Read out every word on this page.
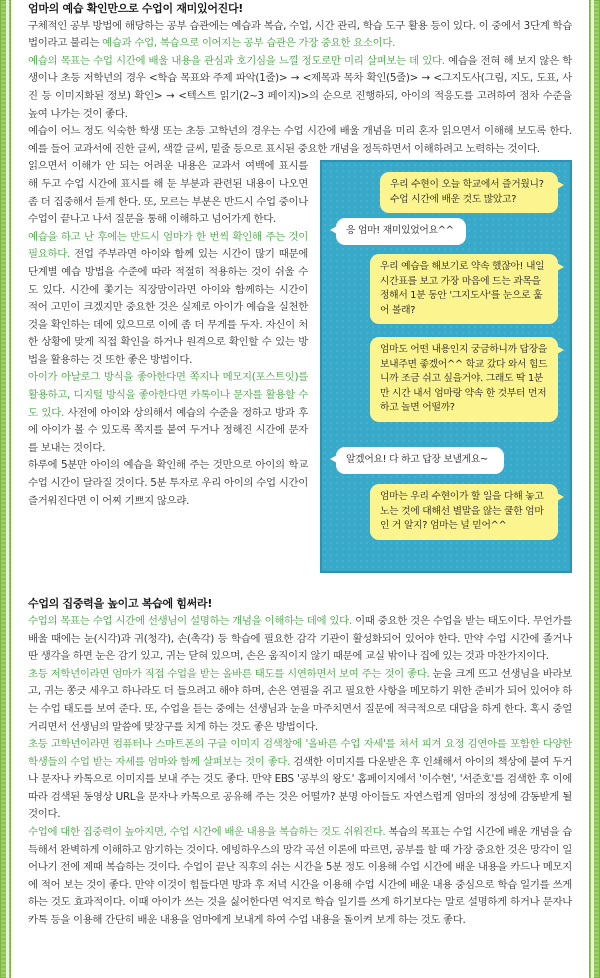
엄마의 예습 확인만으로 수업이 재미있어진다!

구체적인 공부 방법에 해당하는 공부 습관에는 예습과 복습, 수업, 시간 관리, 학습 도구 활용 등이 있다. 이 중에서 3단계 학습법이라고 불리는 예습과 수업, 복습으로 이어지는 공부 습관은 가장 중요한 요소이다.

예습의 목표는 수업 시간에 배울 내용을 관심과 호기심을 느낄 정도로만 미리 살펴보는 데 있다. 예습을 전혀 해 보지 않은 학생이나 초등 저학년의 경우 <학습 목표와 주제 파악(1줄)> → <제목과 목차 확인(5줄)> → <그지도사(그림, 지도, 도표, 사진 등 이미지화된 정보) 확인> → <텍스트 읽기(2~3 페이지)>의 순으로 진행하되, 아이의 적응도를 고려하여 점차 수준을 높여 나가는 것이 좋다.

예습이 어느 정도 익숙한 학생 또는 초등 고학년의 경우는 수업 시간에 배울 개념을 미리 혼자 읽으면서 이해해 보도록 한다. 예를 들어 교과서에 진한 글씨, 색깔 글씨, 밑줄 등으로 표시된 중요한 개념을 정독하면서 이해하려고 노력하는 것이다.

우리 수현이 오늘 학교에서 즐거웠니? 수업 시간에 배운 것도 많았고?
응 엄마! 재미있었어요^^
우리 예습을 해보기로 약속 했잖아! 내일 시간표를 보고 가장 마음에 드는 과목을 정해서 1분 동안 '그지도사'를 눈으로 훑어 볼래?
엄마도 어떤 내용인지 궁금하니까 답장을 보내주면 좋겠어^^ 학교 갔다 와서 힘드니까 조금 쉬고 싶을거야. 그래도 딱 1분만 시간 내서 엄마랑 약속 한 것부터 먼저 하고 놀면 어떨까?
알겠어요! 다 하고 답장 보낼게요~
엄마는 우리 수현이가 할 일을 다해 놓고 노는 것에 대해선 별말을 않는 쿨한 엄마 인 거 알지? 엄마는 널 믿어^^

읽으면서 이해가 안 되는 어려운 내용은 교과서 여백에 표시를 해 두고 수업 시간에 표시를 해 둔 부분과 관련된 내용이 나오면 좀 더 집중해서 듣게 한다. 또, 모르는 부분은 반드시 수업 중이나 수업이 끝나고 나서 질문을 통해 이해하고 넘어가게 한다.

예습을 하고 난 후에는 반드시 엄마가 한 번씩 확인해 주는 것이 필요하다. 전업 주부라면 아이와 함께 있는 시간이 많기 때문에 단계별 예습 방법을 수준에 따라 적절히 적용하는 것이 쉬울 수도 있다. 시간에 쫓기는 직장맘이라면 아이와 함께하는 시간이 적어 고민이 크겠지만 중요한 것은 실제로 아이가 예습을 실천한 것을 확인하는 데에 있으므로 이에 좀 더 무게를 두자. 자신이 처한 상황에 맞게 직접 확인을 하거나 원격으로 확인할 수 있는 방법을 활용하는 것 또한 좋은 방법이다.

아이가 아날로그 방식을 좋아한다면 쪽지나 메모지(포스트잇)를 활용하고, 디지털 방식을 좋아한다면 카톡이나 문자를 활용할 수도 있다. 사전에 아이와 상의해서 예습의 수준을 정하고 방과 후에 아이가 볼 수 있도록 쪽지를 붙여 두거나 정해진 시간에 문자를 보내는 것이다.

하루에 5분만 아이의 예습을 확인해 주는 것만으로 아이의 학교 수업 시간이 달라질 것이다. 5분 투자로 우리 아이의 수업 시간이 즐거워진다면 이 어찌 기쁘지 않으랴.

수업의 집중력을 높이고 복습에 힘써라!

수업의 목표는 수업 시간에 선생님이 설명하는 개념을 이해하는 데에 있다. 이때 중요한 것은 수업을 받는 태도이다. 무언가를 배울 때에는 눈(시각)과 귀(청각), 손(촉각) 등 학습에 필요한 감각 기관이 활성화되어 있어야 한다. 만약 수업 시간에 졸거나 딴 생각을 하면 눈은 감기 있고, 귀는 닫혀 있으며, 손은 움직이지 않기 때문에 교실 밖이나 집에 있는 것과 마찬가지이다.

초등 저학년이라면 엄마가 직접 수업을 받는 올바른 태도를 시연하면서 보여 주는 것이 좋다. 눈을 크게 뜨고 선생님을 바라보고, 귀는 쫑긋 세우고 하나라도 더 들으려고 해야 하며, 손은 연필을 쥐고 필요한 사항을 메모하기 위한 준비가 되어 있어야 하는 수업 태도를 보여 준다. 또, 수업을 듣는 중에는 선생님과 눈을 마주치면서 질문에 적극적으로 대답을 하게 한다. 혹시 중얼거리면서 선생님의 말씀에 맞장구를 치게 하는 것도 좋은 방법이다.

초등 고학년이라면 컴퓨터나 스마트폰의 구글 이미지 검색창에 '올바른 수업 자세'를 쳐서 피겨 요정 김연아를 포함한 다양한 학생들의 수업 받는 자세를 엄마와 함께 살펴보는 것이 좋다. 검색한 이미지를 다운받은 후 인쇄해서 아이의 책상에 붙여 두거나 문자나 카톡으로 이미지를 보내 주는 것도 좋다. 만약 EBS '공부의 왕도' 홈페이지에서 '이수현', '서준호'를 검색한 후 이에 따라 검색된 동영상 URL을 문자나 카톡으로 공유해 주는 것은 어떨까? 분명 아이들도 자연스럽게 엄마의 정성에 감동받게 될 것이다.

수업에 대한 집중력이 높아지면, 수업 시간에 배운 내용을 복습하는 것도 쉬워진다. 복습의 목표는 수업 시간에 배운 개념을 습득해서 완벽하게 이해하고 암기하는 것이다. 에빙하우스의 망각 곡선 이론에 따르면, 공부를 할 때 가장 중요한 것은 망각이 일어나기 전에 제때 복습하는 것이다. 수업이 끝난 직후의 쉬는 시간을 5분 정도 이용해 수업 시간에 배운 내용을 카드나 메모지에 적어 보는 것이 좋다. 만약 이것이 힘들다면 방과 후 저녁 시간을 이용해 수업 시간에 배운 내용 중심으로 학습 일기를 쓰게 하는 것도 효과적이다. 이때 아이가 쓰는 것을 싫어한다면 억지로 학습 일기를 쓰게 하기보다는 말로 설명하게 하거나 문자나 카톡 등을 이용해 간단히 배운 내용을 엄마에게 보내게 하여 수업 내용을 돌이켜 보게 하는 것도 좋다.
